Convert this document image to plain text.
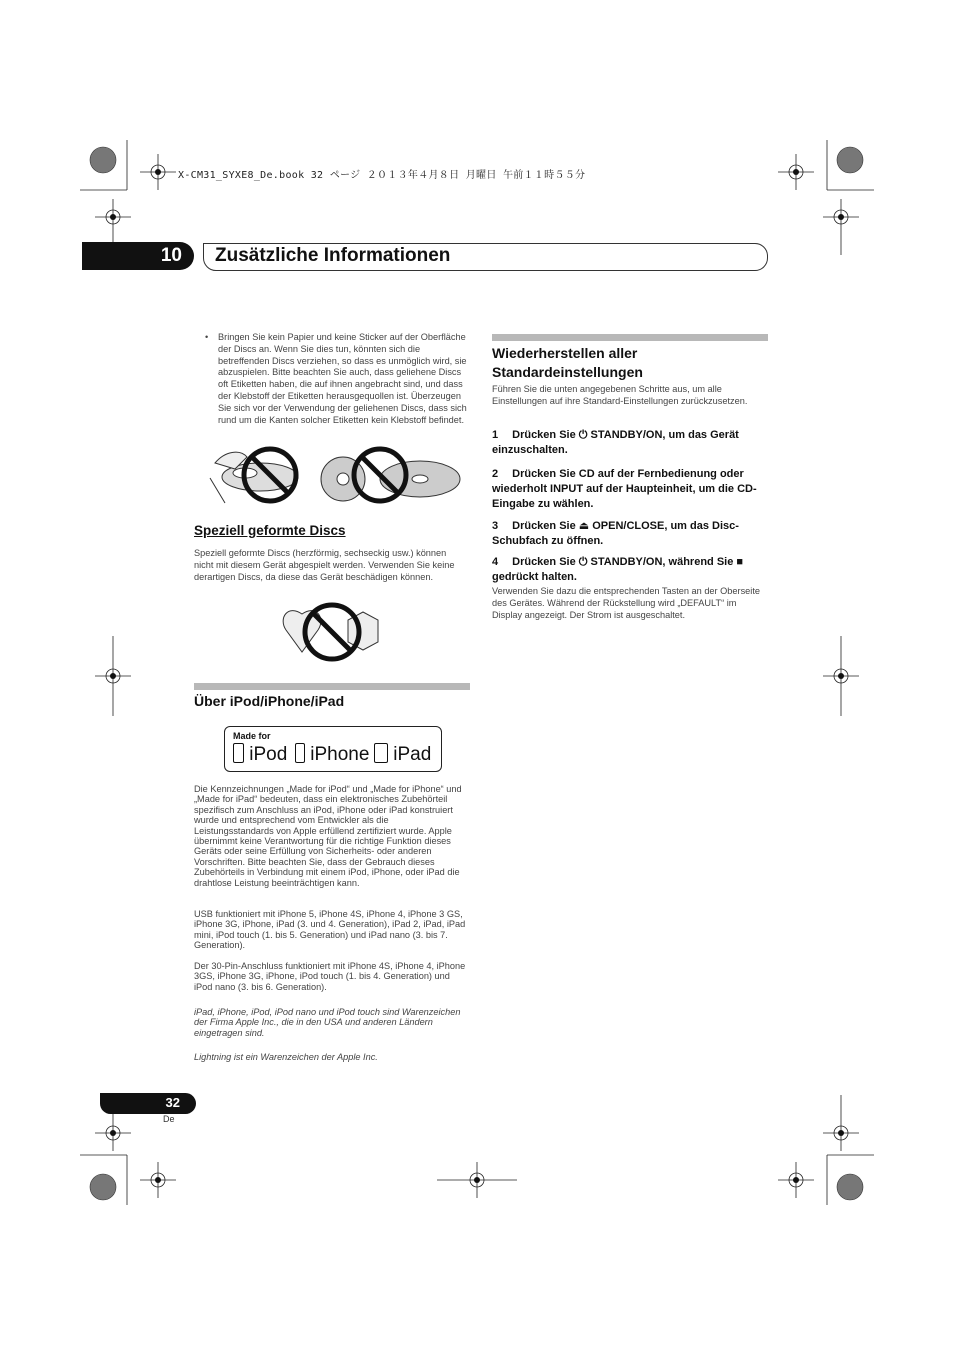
X-CM31_SYXE8_De.book 32 ページ ２０１３年４月８日 月曜日 午前１１時５５分
10 Zusätzliche Informationen
• Bringen Sie kein Papier und keine Sticker auf der Oberfläche der Discs an. Wenn Sie dies tun, könnten sich die betreffenden Discs verziehen, so dass es unmöglich wird, sie abzuspielen. Bitte beachten Sie auch, dass geliehene Discs oft Etiketten haben, die auf ihnen angebracht sind, und dass der Klebstoff der Etiketten herausgequollen ist. Überzeugen Sie sich vor der Verwendung der geliehenen Discs, dass sich rund um die Kanten solcher Etiketten kein Klebstoff befindet.
Speziell geformte Discs
Speziell geformte Discs (herzförmig, sechseckig usw.) können nicht mit diesem Gerät abgespielt werden. Verwenden Sie keine derartigen Discs, da diese das Gerät beschädigen können.
Über iPod/iPhone/iPad
Made for
iPod	iPhone	iPad
Die Kennzeichnungen „Made for iPod“ und „Made for iPhone“ und „Made for iPad“ bedeuten, dass ein elektronisches Zubehörteil spezifisch zum Anschluss an iPod, iPhone oder iPad konstruiert wurde und entsprechend vom Entwickler als die Leistungsstandards von Apple erfüllend zertifiziert wurde. Apple übernimmt keine Verantwortung für die richtige Funktion dieses Geräts oder seine Erfüllung von Sicherheits- oder anderen Vorschriften. Bitte beachten Sie, dass der Gebrauch dieses Zubehörteils in Verbindung mit einem iPod, iPhone, oder iPad die drahtlose Leistung beeinträchtigen kann.
USB funktioniert mit iPhone 5, iPhone 4S, iPhone 4, iPhone 3 GS, iPhone 3G, iPhone, iPad (3. und 4. Generation), iPad 2, iPad, iPad mini, iPod touch (1. bis 5. Generation) und iPad nano (3. bis 7. Generation).
Der 30-Pin-Anschluss funktioniert mit iPhone 4S, iPhone 4, iPhone 3GS, iPhone 3G, iPhone, iPod touch (1. bis 4. Generation) und iPod nano (3. bis 6. Generation).
iPad, iPhone, iPod, iPod nano und iPod touch sind Warenzeichen der Firma Apple Inc., die in den USA und anderen Ländern eingetragen sind.
Lightning ist ein Warenzeichen der Apple Inc.
Wiederherstellen aller Standardeinstellungen
Führen Sie die unten angegebenen Schritte aus, um alle Einstellungen auf ihre Standard-Einstellungen zurückzusetzen.
1 Drücken Sie ⏻ STANDBY/ON, um das Gerät einzuschalten.
2 Drücken Sie CD auf der Fernbedienung oder wiederholt INPUT auf der Haupteinheit, um die CD-Eingabe zu wählen.
3 Drücken Sie ⏏ OPEN/CLOSE, um das Disc-Schubfach zu öffnen.
4 Drücken Sie ⏻ STANDBY/ON, während Sie ■ gedrückt halten.
Verwenden Sie dazu die entsprechenden Tasten an der Oberseite des Gerätes. Während der Rückstellung wird „DEFAULT“ im Display angezeigt. Der Strom ist ausgeschaltet.
32
De
